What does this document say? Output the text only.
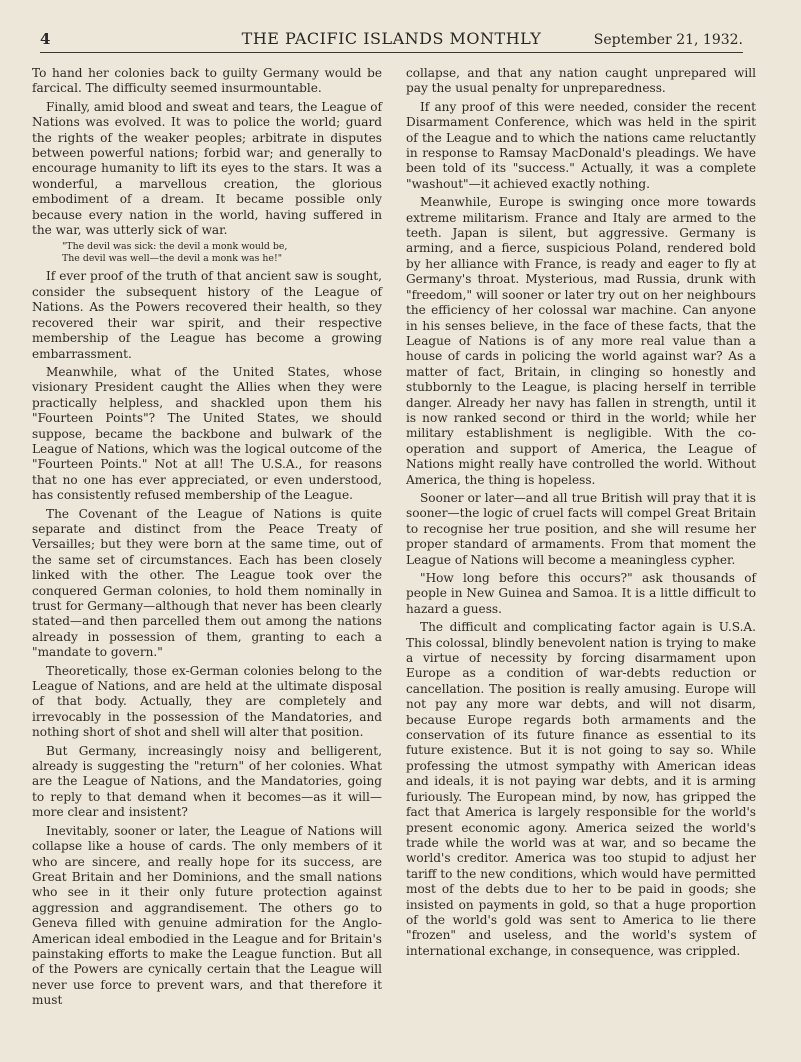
4	THE PACIFIC ISLANDS MONTHLY	September 21, 1932.

To hand her colonies back to guilty Germany would be farcical. The difficulty seemed insurmountable.

Finally, amid blood and sweat and tears, the League of Nations was evolved. It was to police the world; guard the rights of the weaker peoples; arbitrate in disputes between powerful nations; forbid war; and generally to encourage humanity to lift its eyes to the stars. It was a wonderful, a marvellous creation, the glorious embodiment of a dream. It became possible only because every nation in the world, having suffered in the war, was utterly sick of war.

"The devil was sick: the devil a monk would be,
The devil was well—the devil a monk was he!"

If ever proof of the truth of that ancient saw is sought, consider the subsequent history of the League of Nations. As the Powers recovered their health, so they recovered their war spirit, and their respective membership of the League has become a growing embarrassment.

Meanwhile, what of the United States, whose visionary President caught the Allies when they were practically helpless, and shackled upon them his "Fourteen Points"? The United States, we should suppose, became the backbone and bulwark of the League of Nations, which was the logical outcome of the "Fourteen Points." Not at all! The U.S.A., for reasons that no one has ever appreciated, or even understood, has consistently refused membership of the League.

The Covenant of the League of Nations is quite separate and distinct from the Peace Treaty of Versailles; but they were born at the same time, out of the same set of circumstances. Each has been closely linked with the other. The League took over the conquered German colonies, to hold them nominally in trust for Germany—although that never has been clearly stated—and then parcelled them out among the nations already in possession of them, granting to each a "mandate to govern."

Theoretically, those ex-German colonies belong to the League of Nations, and are held at the ultimate disposal of that body. Actually, they are completely and irrevocably in the possession of the Mandatories, and nothing short of shot and shell will alter that position.

But Germany, increasingly noisy and belligerent, already is suggesting the "return" of her colonies. What are the League of Nations, and the Mandatories, going to reply to that demand when it becomes—as it will—more clear and insistent?

Inevitably, sooner or later, the League of Nations will collapse like a house of cards. The only members of it who are sincere, and really hope for its success, are Great Britain and her Dominions, and the small nations who see in it their only future protection against aggression and aggrandisement. The others go to Geneva filled with genuine admiration for the Anglo-American ideal embodied in the League and for Britain's painstaking efforts to make the League function. But all of the Powers are cynically certain that the League will never use force to prevent wars, and that therefore it must

collapse, and that any nation caught unprepared will pay the usual penalty for unpreparedness.

If any proof of this were needed, consider the recent Disarmament Conference, which was held in the spirit of the League and to which the nations came reluctantly in response to Ramsay MacDonald's pleadings. We have been told of its "success." Actually, it was a complete "washout"—it achieved exactly nothing.

Meanwhile, Europe is swinging once more towards extreme militarism. France and Italy are armed to the teeth. Japan is silent, but aggressive. Germany is arming, and a fierce, suspicious Poland, rendered bold by her alliance with France, is ready and eager to fly at Germany's throat. Mysterious, mad Russia, drunk with "freedom," will sooner or later try out on her neighbours the efficiency of her colossal war machine. Can anyone in his senses believe, in the face of these facts, that the League of Nations is of any more real value than a house of cards in policing the world against war? As a matter of fact, Britain, in clinging so honestly and stubbornly to the League, is placing herself in terrible danger. Already her navy has fallen in strength, until it is now ranked second or third in the world; while her military establishment is negligible. With the co-operation and support of America, the League of Nations might really have controlled the world. Without America, the thing is hopeless.

Sooner or later—and all true British will pray that it is sooner—the logic of cruel facts will compel Great Britain to recognise her true position, and she will resume her proper standard of armaments. From that moment the League of Nations will become a meaningless cypher.

"How long before this occurs?" ask thousands of people in New Guinea and Samoa. It is a little difficult to hazard a guess.

The difficult and complicating factor again is U.S.A. This colossal, blindly benevolent nation is trying to make a virtue of necessity by forcing disarmament upon Europe as a condition of war-debts reduction or cancellation. The position is really amusing. Europe will not pay any more war debts, and will not disarm, because Europe regards both armaments and the conservation of its future finance as essential to its future existence. But it is not going to say so. While professing the utmost sympathy with American ideas and ideals, it is not paying war debts, and it is arming furiously. The European mind, by now, has gripped the fact that America is largely responsible for the world's present economic agony. America seized the world's trade while the world was at war, and so became the world's creditor. America was too stupid to adjust her tariff to the new conditions, which would have permitted most of the debts due to her to be paid in goods; she insisted on payments in gold, so that a huge proportion of the world's gold was sent to America to lie there "frozen" and useless, and the world's system of international exchange, in consequence, was crippled.
